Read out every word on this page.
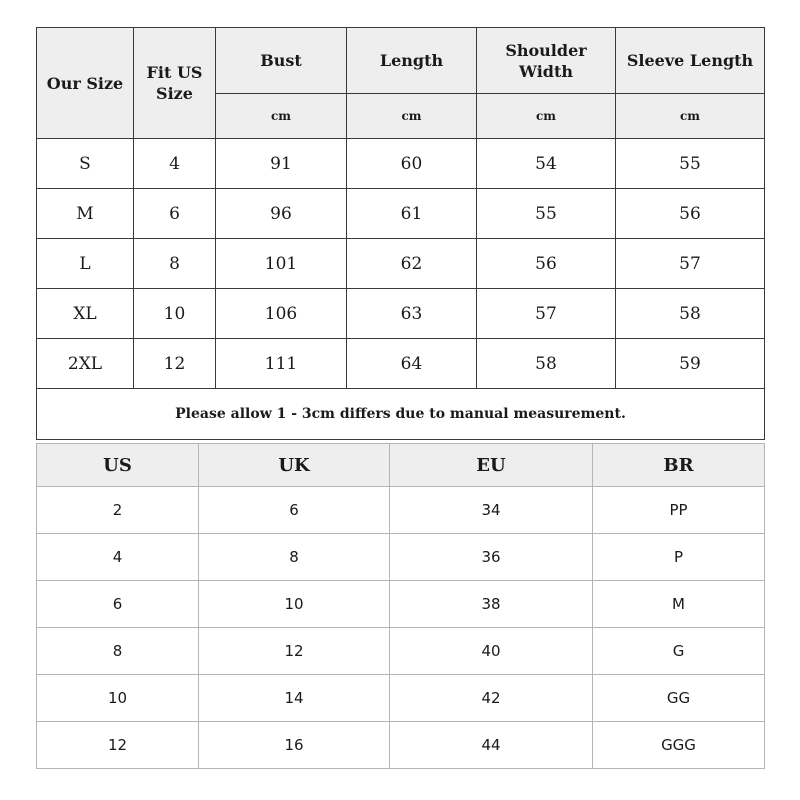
Our Size	Fit US Size	Bust	Length	Shoulder Width	Sleeve Length
		cm	cm	cm	cm
S	4	91	60	54	55
M	6	96	61	55	56
L	8	101	62	56	57
XL	10	106	63	57	58
2XL	12	111	64	58	59
Please allow 1 - 3cm differs due to manual measurement.					
US	UK	EU	BR
2	6	34	PP
4	8	36	P
6	10	38	M
8	12	40	G
10	14	42	GG
12	16	44	GGG
